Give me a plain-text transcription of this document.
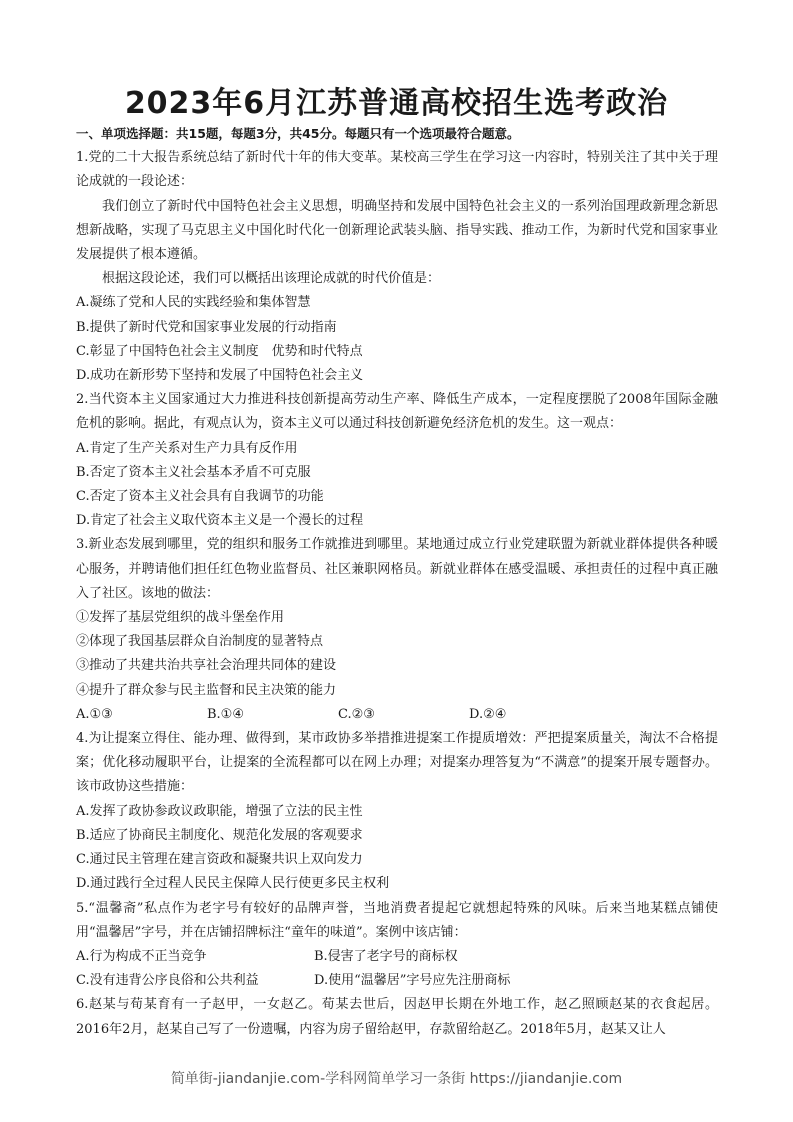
2023年6月江苏普通高校招生选考政治

一、单项选择题：共15题，每题3分，共45分。每题只有一个选项最符合题意。

1.党的二十大报告系统总结了新时代十年的伟大变革。某校高三学生在学习这一内容时，特别关注了其中关于理论成就的一段论述：

我们创立了新时代中国特色社会主义思想，明确坚持和发展中国特色社会主义的一系列治国理政新理念新思想新战略，实现了马克思主义中国化时代化一创新理论武装头脑、指导实践、推动工作，为新时代党和国家事业发展提供了根本遵循。

根据这段论述，我们可以概括出该理论成就的时代价值是：

A.凝练了党和人民的实践经验和集体智慧

B.提供了新时代党和国家事业发展的行动指南

C.彰显了中国特色社会主义制度　优势和时代特点

D.成功在新形势下坚持和发展了中国特色社会主义

2.当代资本主义国家通过大力推进科技创新提高劳动生产率、降低生产成本，一定程度摆脱了2008年国际金融危机的影响。据此，有观点认为，资本主义可以通过科技创新避免经济危机的发生。这一观点：

A.肯定了生产关系对生产力具有反作用

B.否定了资本主义社会基本矛盾不可克服

C.否定了资本主义社会具有自我调节的功能

D.肯定了社会主义取代资本主义是一个漫长的过程

3.新业态发展到哪里，党的组织和服务工作就推进到哪里。某地通过成立行业党建联盟为新就业群体提供各种暖心服务，并聘请他们担任红色物业监督员、社区兼职网格员。新就业群体在感受温暖、承担责任的过程中真正融入了社区。该地的做法：

①发挥了基层党组织的战斗堡垒作用

②体现了我国基层群众自治制度的显著特点

③推动了共建共治共享社会治理共同体的建设

④提升了群众参与民主监督和民主决策的能力

A.①③	B.①④	C.②③	D.②④

4.为让提案立得住、能办理、做得到，某市政协多举措推进提案工作提质增效：严把提案质量关，淘汰不合格提案；优化移动履职平台，让提案的全流程都可以在网上办理；对提案办理答复为“不满意”的提案开展专题督办。该市政协这些措施：

A.发挥了政协参政议政职能，增强了立法的民主性

B.适应了协商民主制度化、规范化发展的客观要求

C.通过民主管理在建言资政和凝聚共识上双向发力

D.通过践行全过程人民民主保障人民行使更多民主权利

5.“温馨斋”私点作为老字号有较好的品牌声誉，当地消费者提起它就想起特殊的风味。后来当地某糕点铺使用“温馨居”字号，并在店铺招牌标注“童年的味道”。案例中该店铺：

A.行为构成不正当竞争	B.侵害了老字号的商标权
C.没有违背公序良俗和公共利益	D.使用“温馨居”字号应先注册商标

6.赵某与荀某育有一子赵甲，一女赵乙。荀某去世后，因赵甲长期在外地工作，赵乙照顾赵某的衣食起居。2016年2月，赵某自己写了一份遗嘱，内容为房子留给赵甲，存款留给赵乙。2018年5月，赵某又让人

简单街-jiandanjie.com-学科网简单学习一条街 https://jiandanjie.com
